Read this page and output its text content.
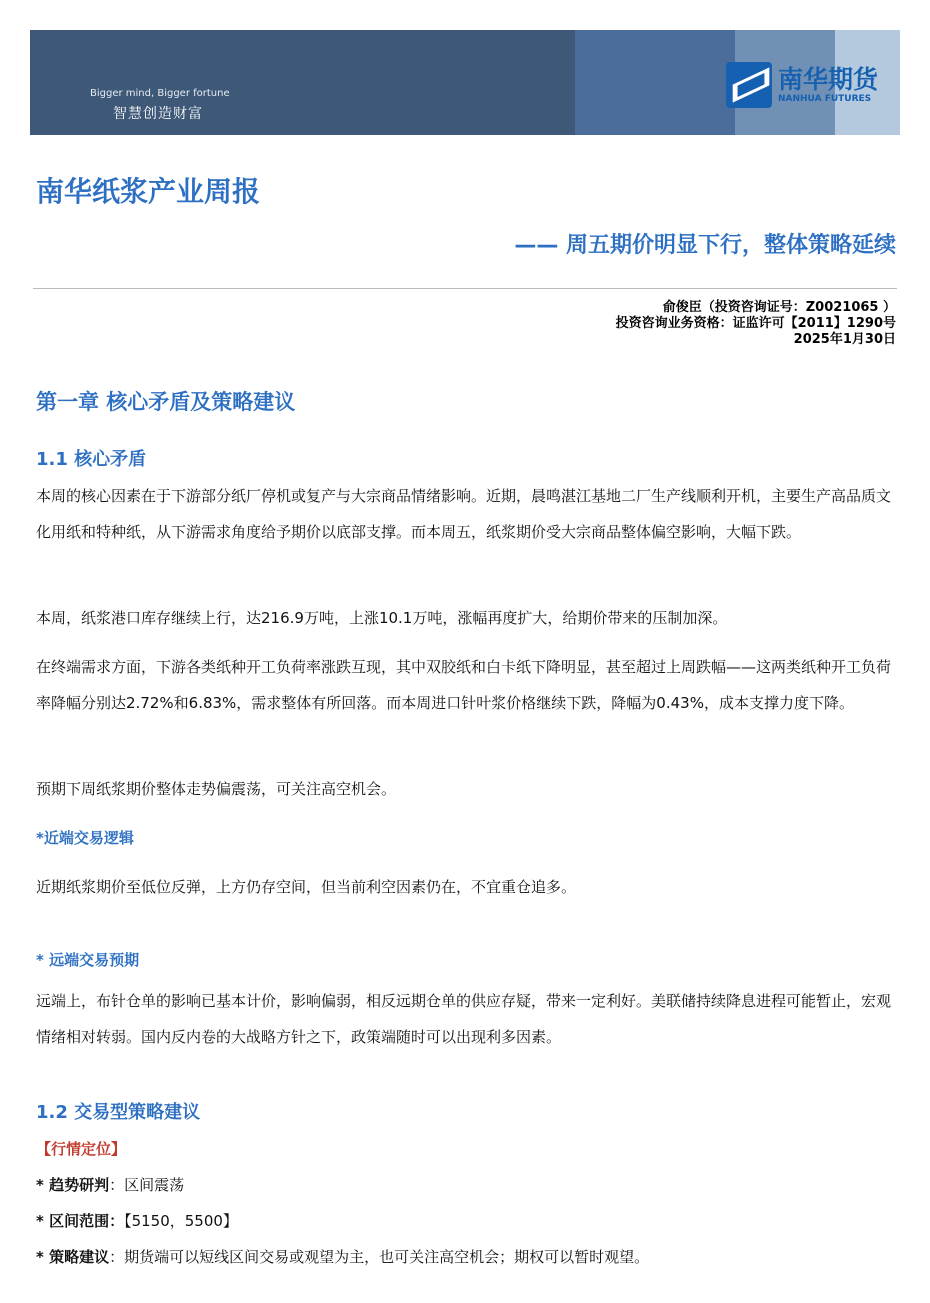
Bigger mind, Bigger fortune
智慧创造财富
南华期货
NANHUA FUTURES
南华纸浆产业周报
—— 周五期价明显下行，整体策略延续
俞俊臣（投资咨询证号：Z0021065 ）
投资咨询业务资格：证监许可【2011】1290号
2025年1月30日
第一章 核心矛盾及策略建议
1.1 核心矛盾
本周的核心因素在于下游部分纸厂停机或复产与大宗商品情绪影响。近期，晨鸣湛江基地二厂生产线顺利开机，主要生产高品质文化用纸和特种纸，从下游需求角度给予期价以底部支撑。而本周五，纸浆期价受大宗商品整体偏空影响，大幅下跌。
本周，纸浆港口库存继续上行，达216.9万吨，上涨10.1万吨，涨幅再度扩大，给期价带来的压制加深。
在终端需求方面，下游各类纸种开工负荷率涨跌互现，其中双胶纸和白卡纸下降明显，甚至超过上周跌幅——这两类纸种开工负荷率降幅分别达2.72%和6.83%，需求整体有所回落。而本周进口针叶浆价格继续下跌，降幅为0.43%，成本支撑力度下降。
预期下周纸浆期价整体走势偏震荡，可关注高空机会。
*近端交易逻辑
近期纸浆期价至低位反弹，上方仍存空间，但当前利空因素仍在，不宜重仓追多。
* 远端交易预期
远端上，布针仓单的影响已基本计价，影响偏弱，相反远期仓单的供应存疑，带来一定利好。美联储持续降息进程可能暂止，宏观情绪相对转弱。国内反内卷的大战略方针之下，政策端随时可以出现利多因素。
1.2 交易型策略建议
【行情定位】
* 趋势研判：区间震荡
* 区间范围：【5150，5500】
* 策略建议：期货端可以短线区间交易或观望为主，也可关注高空机会；期权可以暂时观望。
